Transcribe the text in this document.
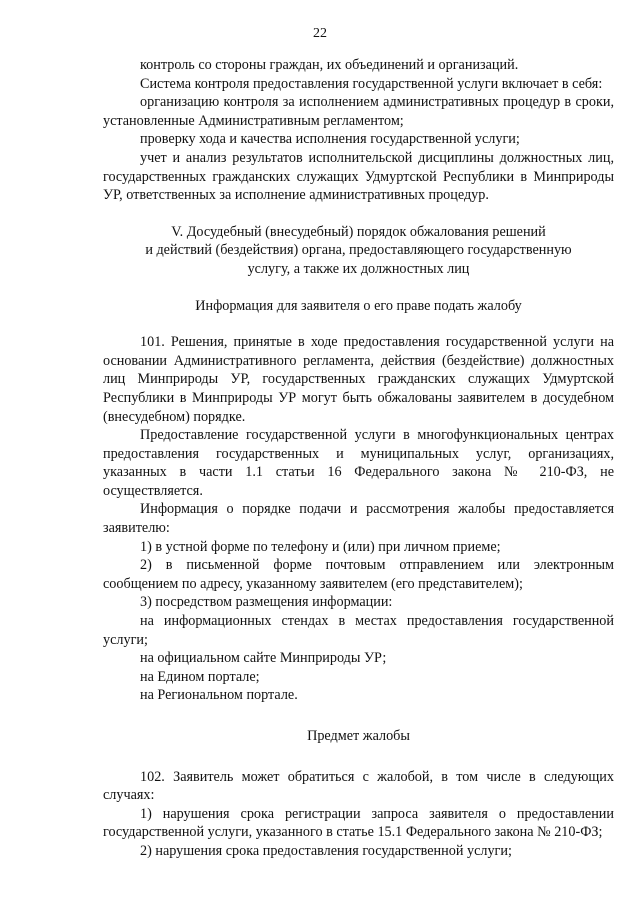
22

контроль со стороны граждан, их объединений и организаций.

Система контроля предоставления государственной услуги включает в себя:

организацию контроля за исполнением административных процедур в сроки, установленные Административным регламентом;

проверку хода и качества исполнения государственной услуги;

учет и анализ результатов исполнительской дисциплины должностных лиц, государственных гражданских служащих Удмуртской Республики в Минприроды УР, ответственных за исполнение административных процедур.

V. Досудебный (внесудебный) порядок обжалования решений

и действий (бездействия) органа, предоставляющего государственную

услугу, а также их должностных лиц

Информация для заявителя о его праве подать жалобу

101. Решения, принятые в ходе предоставления государственной услуги на основании Административного регламента, действия (бездействие) должностных лиц Минприроды УР, государственных гражданских служащих Удмуртской Республики в Минприроды УР могут быть обжалованы заявителем в досудебном (внесудебном) порядке.

Предоставление государственной услуги в многофункциональных центрах предоставления государственных и муниципальных услуг, организациях, указанных в части 1.1 статьи 16 Федерального закона № 210-ФЗ, не осуществляется.

Информация о порядке подачи и рассмотрения жалобы предоставляется заявителю:

1) в устной форме по телефону и (или) при личном приеме;

2) в письменной форме почтовым отправлением или электронным сообщением по адресу, указанному заявителем (его представителем);

3) посредством размещения информации:

на информационных стендах в местах предоставления государственной услуги;

на официальном сайте Минприроды УР;

на Едином портале;

на Региональном портале.

Предмет жалобы

102. Заявитель может обратиться с жалобой, в том числе в следующих случаях:

1) нарушения срока регистрации запроса заявителя о предоставлении государственной услуги, указанного в статье 15.1 Федерального закона № 210-ФЗ;

2) нарушения срока предоставления государственной услуги;
